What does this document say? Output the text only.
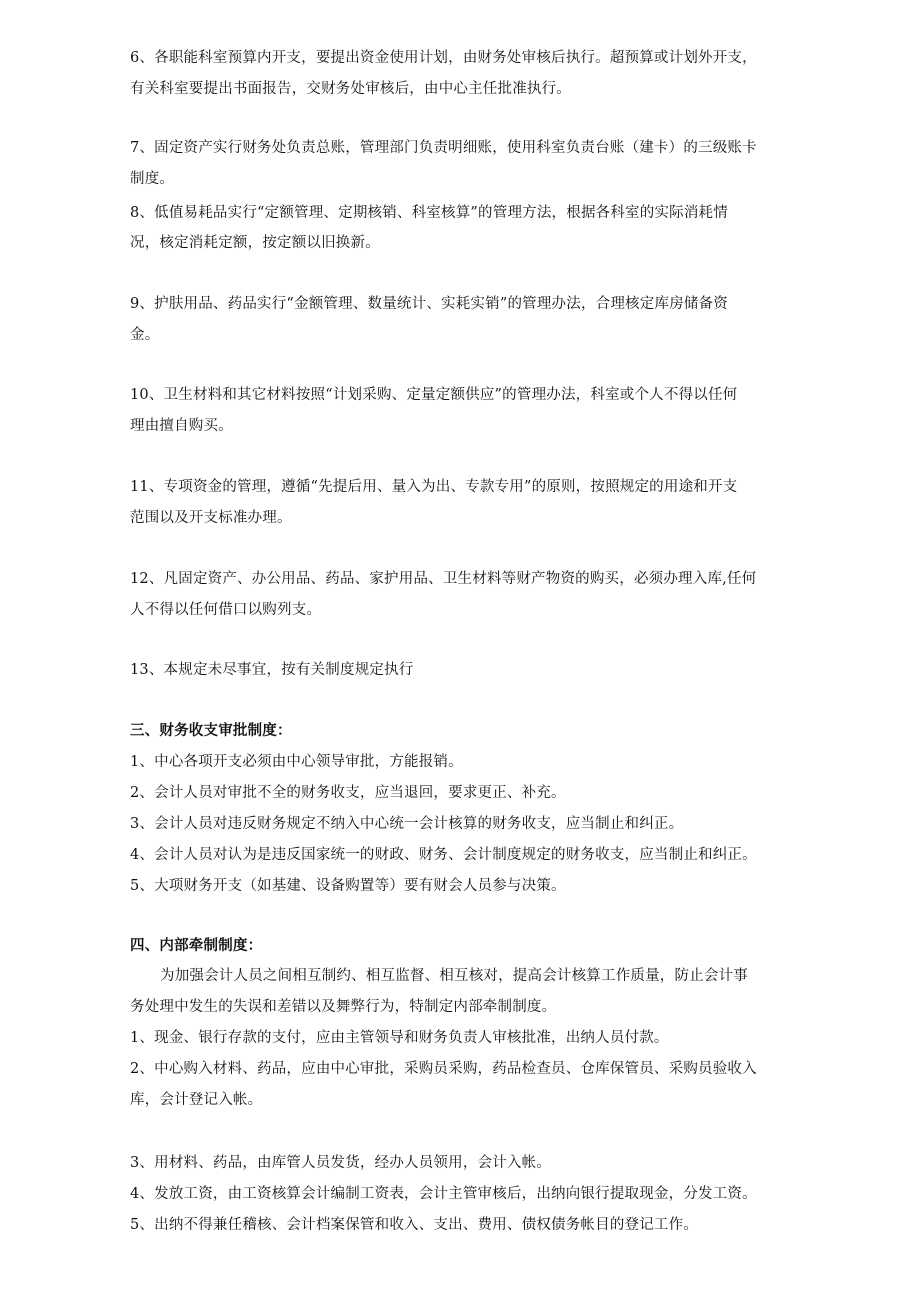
6、各职能科室预算内开支，要提出资金使用计划，由财务处审核后执行。超预算或计划外开支，
有关科室要提出书面报告，交财务处审核后，由中心主任批准执行。
7、固定资产实行财务处负责总账，管理部门负责明细账，使用科室负责台账（建卡）的三级账卡
制度。
8、低值易耗品实行“定额管理、定期核销、科室核算”的管理方法，根据各科室的实际消耗情
况，核定消耗定额，按定额以旧换新。
9、护肤用品、药品实行“金额管理、数量统计、实耗实销”的管理办法，合理核定库房储备资
金。
10、卫生材料和其它材料按照“计划采购、定量定额供应”的管理办法，科室或个人不得以任何
理由擅自购买。
11、专项资金的管理，遵循“先提后用、量入为出、专款专用”的原则，按照规定的用途和开支
范围以及开支标准办理。
12、凡固定资产、办公用品、药品、家护用品、卫生材料等财产物资的购买，必须办理入库,任何
人不得以任何借口以购列支。
13、本规定未尽事宜，按有关制度规定执行
三、财务收支审批制度：
1、中心各项开支必须由中心领导审批，方能报销。
2、会计人员对审批不全的财务收支，应当退回，要求更正、补充。
3、会计人员对违反财务规定不纳入中心统一会计核算的财务收支，应当制止和纠正。
4、会计人员对认为是违反国家统一的财政、财务、会计制度规定的财务收支，应当制止和纠正。
5、大项财务开支（如基建、设备购置等）要有财会人员参与决策。
四、内部牵制制度：
为加强会计人员之间相互制约、相互监督、相互核对，提高会计核算工作质量，防止会计事
务处理中发生的失误和差错以及舞弊行为，特制定内部牵制制度。
1、现金、银行存款的支付，应由主管领导和财务负责人审核批准，出纳人员付款。
2、中心购入材料、药品，应由中心审批，采购员采购，药品检查员、仓库保管员、采购员验收入
库，会计登记入帐。
3、用材料、药品，由库管人员发货，经办人员领用，会计入帐。
4、发放工资，由工资核算会计编制工资表，会计主管审核后，出纳向银行提取现金，分发工资。
5、出纳不得兼任稽核、会计档案保管和收入、支出、费用、债权债务帐目的登记工作。
